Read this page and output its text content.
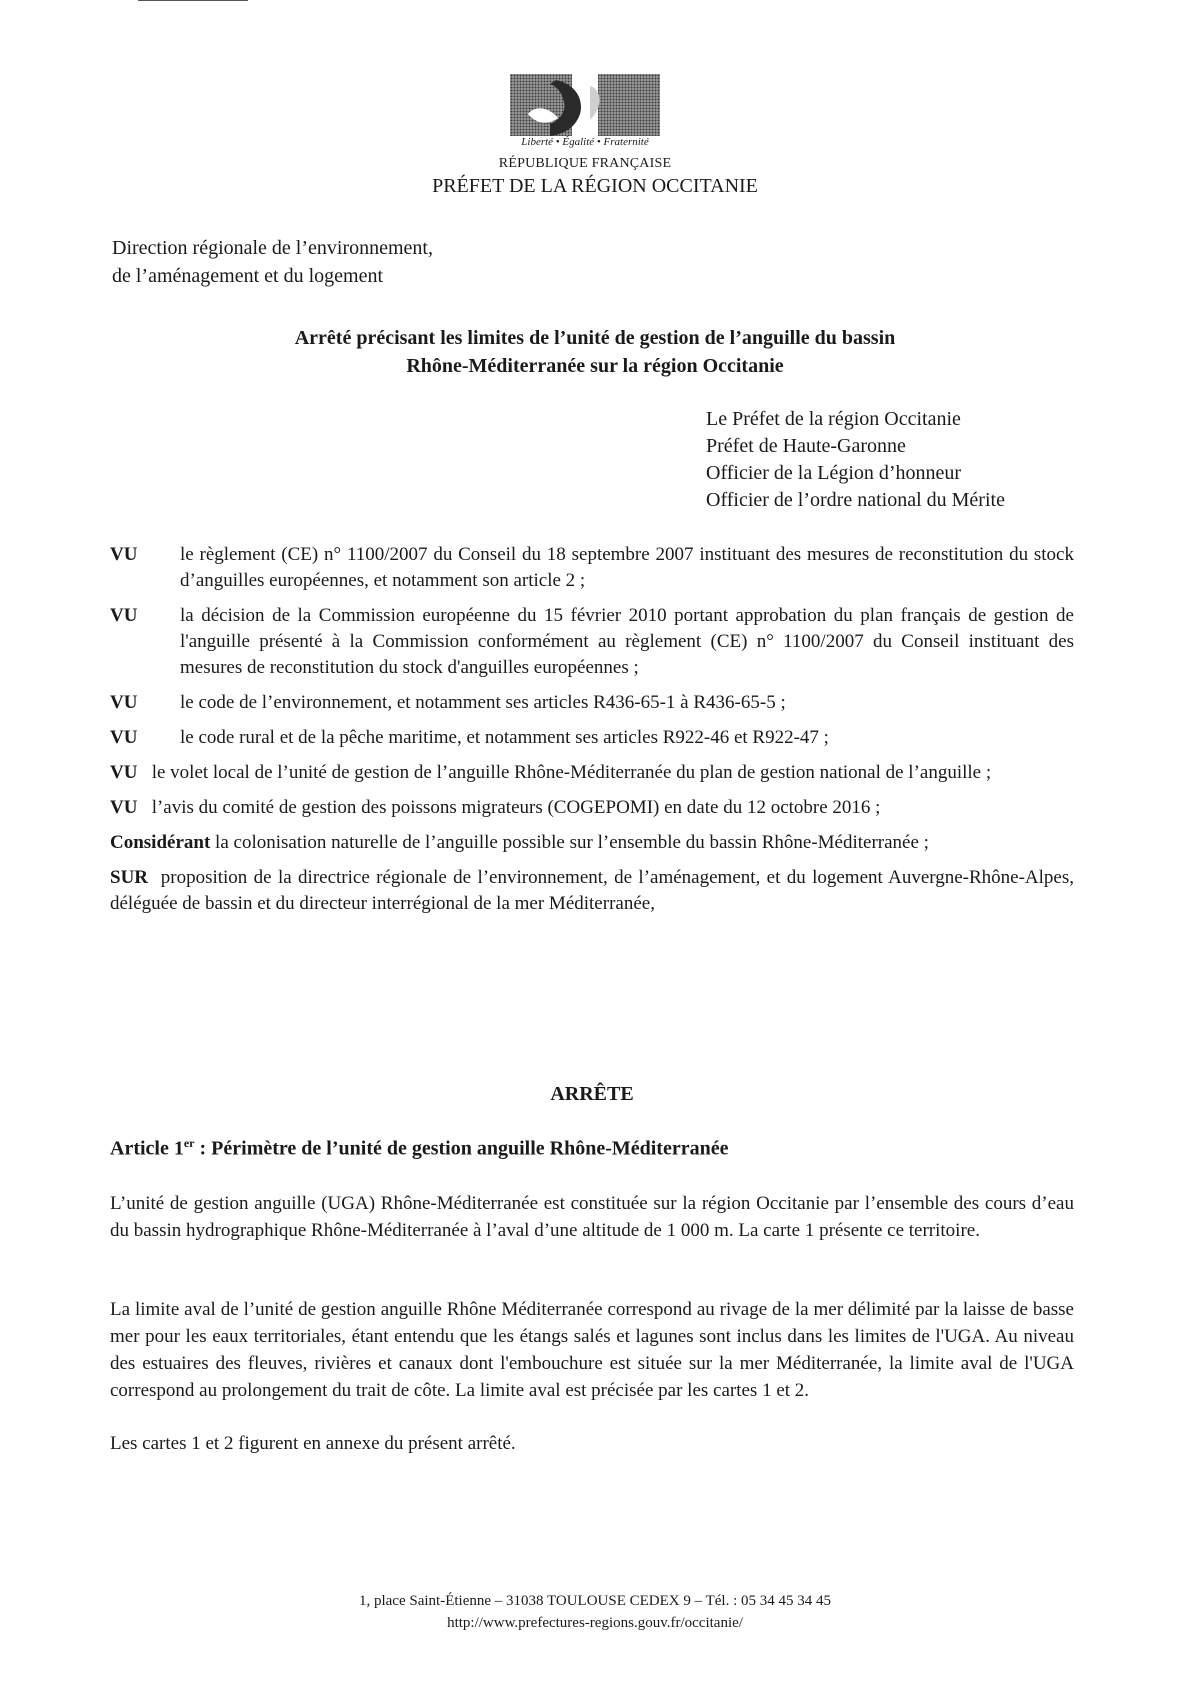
Liberté • Égalité • Fraternité
RÉPUBLIQUE FRANÇAISE
PRÉFET DE LA RÉGION OCCITANIE
Direction régionale de l’environnement,
de l’aménagement et du logement
Arrêté précisant les limites de l’unité de gestion de l’anguille du bassin
Rhône-Méditerranée sur la région Occitanie
Le Préfet de la région Occitanie
Préfet de Haute-Garonne
Officier de la Légion d’honneur
Officier de l’ordre national du Mérite
VU	le règlement (CE) n° 1100/2007 du Conseil du 18 septembre 2007 instituant des mesures de reconstitution du stock d’anguilles européennes, et notamment son article 2 ;
VU	la décision de la Commission européenne du 15 février 2010 portant approbation du plan français de gestion de l'anguille présenté à la Commission conformément au règlement (CE) n° 1100/2007 du Conseil instituant des mesures de reconstitution du stock d'anguilles européennes ;
VU	le code de l’environnement, et notamment ses articles R436-65-1 à R436-65-5 ;
VU	le code rural et de la pêche maritime, et notamment ses articles R922-46 et R922-47 ;
VU le volet local de l’unité de gestion de l’anguille Rhône-Méditerranée du plan de gestion national de l’anguille ;
VU l’avis du comité de gestion des poissons migrateurs (COGEPOMI) en date du 12 octobre 2016 ;
Considérant la colonisation naturelle de l’anguille possible sur l’ensemble du bassin Rhône-Méditerranée ;
SUR proposition de la directrice régionale de l’environnement, de l’aménagement, et du logement Auvergne-Rhône-Alpes, déléguée de bassin et du directeur interrégional de la mer Méditerranée,
ARRÊTE
Article 1er : Périmètre de l’unité de gestion anguille Rhône-Méditerranée
L’unité de gestion anguille (UGA) Rhône-Méditerranée est constituée sur la région Occitanie par l’ensemble des cours d’eau du bassin hydrographique Rhône-Méditerranée à l’aval d’une altitude de 1 000 m. La carte 1 présente ce territoire.
La limite aval de l’unité de gestion anguille Rhône Méditerranée correspond au rivage de la mer délimité par la laisse de basse mer pour les eaux territoriales, étant entendu que les étangs salés et lagunes sont inclus dans les limites de l'UGA. Au niveau des estuaires des fleuves, rivières et canaux dont l'embouchure est située sur la mer Méditerranée, la limite aval de l'UGA correspond au prolongement du trait de côte. La limite aval est précisée par les cartes 1 et 2.
Les cartes 1 et 2 figurent en annexe du présent arrêté.
1, place Saint-Étienne – 31038 TOULOUSE CEDEX 9 – Tél. : 05 34 45 34 45
http://www.prefectures-regions.gouv.fr/occitanie/
